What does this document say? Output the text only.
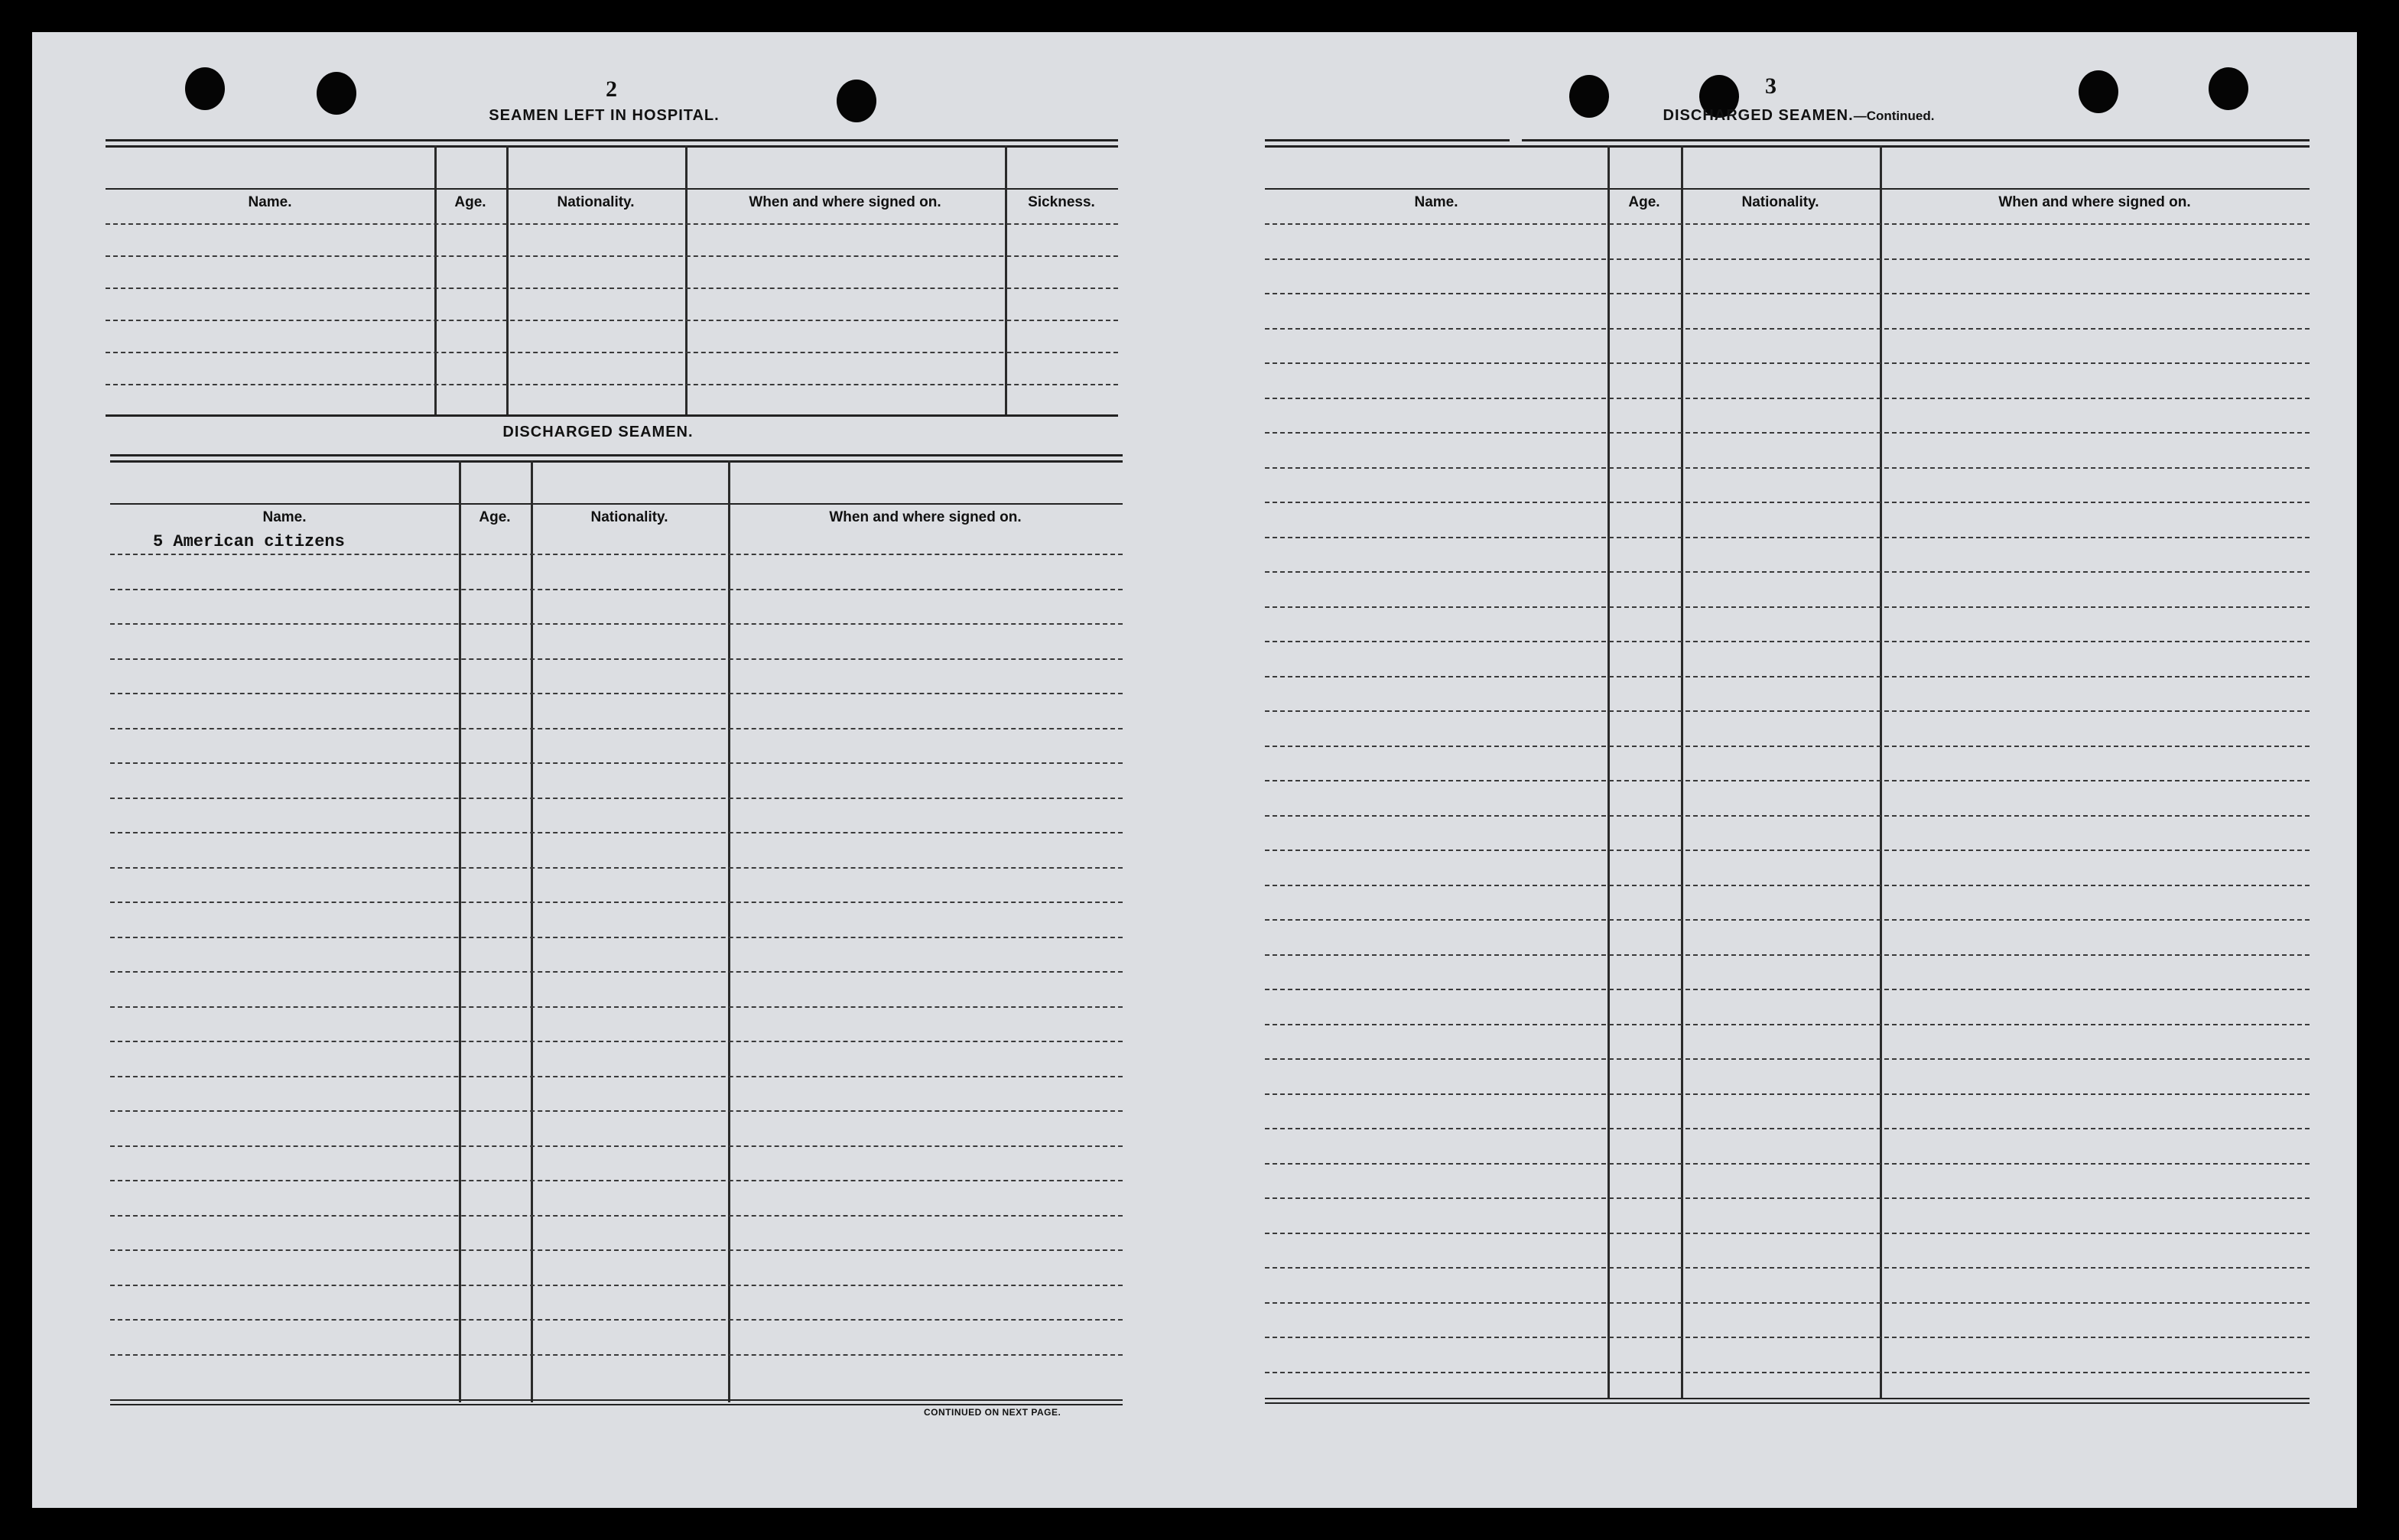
2
SEAMEN LEFT IN HOSPITAL.
Name.	Age.	Nationality.	When and where signed on.	Sickness.
DISCHARGED SEAMEN.
Name.	Age.	Nationality.	When and where signed on.
5 American citizens
CONTINUED ON NEXT PAGE.
3
DISCHARGED SEAMEN.—Continued.
Name.	Age.	Nationality.	When and where signed on.
